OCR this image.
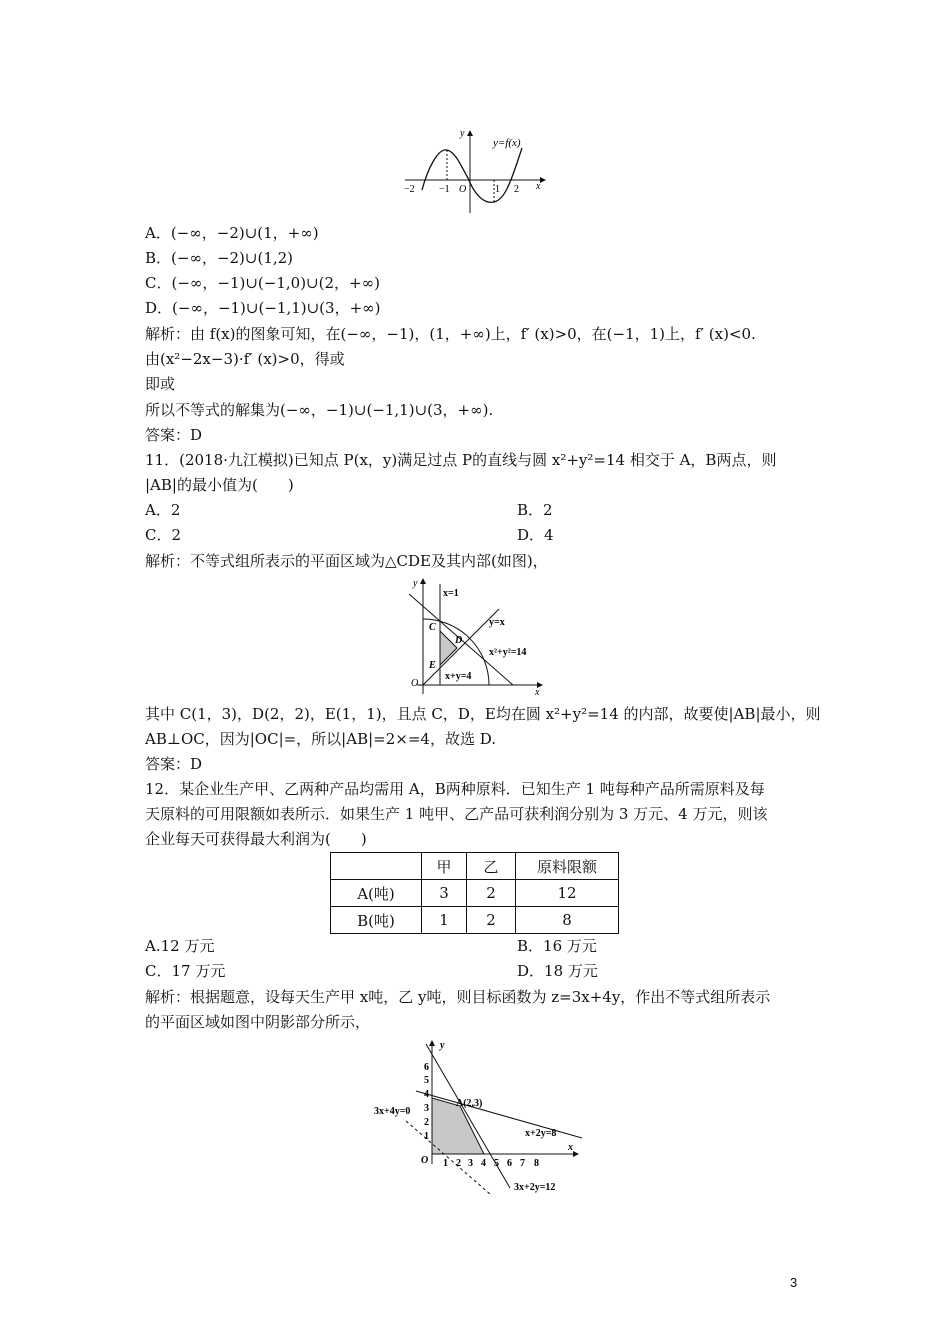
y
y=f(x)
x
−2 −1 O	1 2
A．(−∞，−2)∪(1，+∞)
B．(−∞，−2)∪(1,2)
C．(−∞，−1)∪(−1,0)∪(2，+∞)
D．(−∞，−1)∪(−1,1)∪(3，+∞)
解析：由 f(x)的图象可知，在(−∞，−1)，(1，+∞)上，f′ (x)>0，在(−1，1)上，f′ (x)<0.
由(x²−2x−3)·f′ (x)>0，得或
即或
所以不等式的解集为(−∞，−1)∪(−1,1)∪(3，+∞).
答案：D
11．(2018·九江模拟)已知点 P(x，y)满足过点 P的直线与圆 x²+y²=14 相交于 A，B两点，则
|AB|的最小值为(　　)
A．2	B．2
C．2	D．4
解析：不等式组所表示的平面区域为△CDE及其内部(如图)，
y
x
O
x=1
y=x
x²+y²=14
x+y=4
C
D
E
其中 C(1，3)，D(2，2)，E(1，1)，且点 C，D，E均在圆 x²+y²=14 的内部，故要使|AB|最小，则
AB⊥OC，因为|OC|=，所以|AB|=2×=4，故选 D.
答案：D
12．某企业生产甲、乙两种产品均需用 A，B两种原料．已知生产 1 吨每种产品所需原料及每
天原料的可用限额如表所示．如果生产 1 吨甲、乙产品可获利润分别为 3 万元、4 万元，则该
企业每天可获得最大利润为(　　)
	甲	乙	原料限额
A(吨)	3	2	12
B(吨)	1	2	8
A.12 万元	B．16 万元
C．17 万元	D．18 万元
解析：根据题意，设每天生产甲 x吨，乙 y吨，则目标函数为 z=3x+4y，作出不等式组所表示
的平面区域如图中阴影部分所示，
y
x
O
A(2,3)
3x+4y=0
x+2y=8
3x+2y=12
1
2
3
4
5
6
1 2 3 4 5 6 7 8
3
